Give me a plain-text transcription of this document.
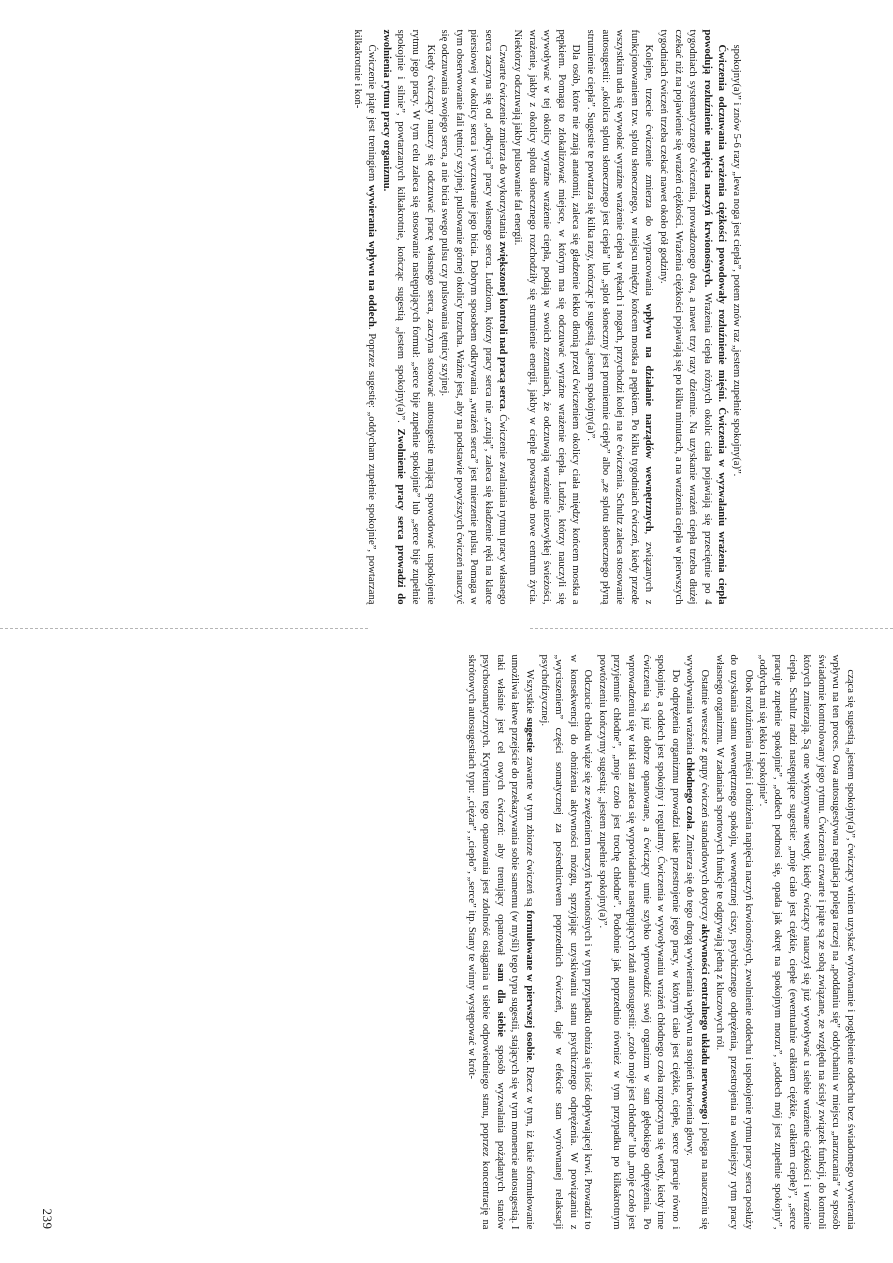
spokojny(a)” i znów 5-6 razy „lewa noga jest ciepła”, potem znów raz „jestem zupełnie spokojny(a)”.

Ćwiczenia odczuwania wrażenia ciężkości powodowały rozluźnienie mięśni. Ćwiczenia w wyzwalaniu wrażenia ciepła powodują rozluźnienie napięcia naczyń krwionośnych. Wrażenia ciepła różnych okolic ciała pojawiają się przeciętnie po 4 tygodniach systematycznego ćwiczenia, prowadzonego dwa, a nawet trzy razy dziennie. Na uzyskanie wrażeń ciepła trzeba dłużej czekać niż na pojawienie się wrażeń ciężkości. Wrażenia ciężkości pojawiają się po kilku minutach, a na wrażenia ciepła w pierwszych tygodniach ćwiczeń trzeba czekać nawet około pół godziny.

Kolejne, trzecie ćwiczenie zmierza do wypracowania wpływu na działanie narządów wewnętrznych, związanych z funkcjonowaniem tzw. splotu słonecznego, w miejscu między końcem mostka a pępkiem. Po kilku tygodniach ćwiczeń, kiedy przede wszystkim uda się wywołać wyraźne wrażenie ciepła w rękach i nogach, przychodzi kolej na te ćwiczenia. Schultz zaleca stosowanie autosugestii: „okolica splotu słonecznego jest ciepła” lub „splot słoneczny jest promiennie ciepły” albo „ze splotu słonecznego płyną strumienie ciepła”. Sugestie te powtarza się kilka razy, kończąc je sugestią „jestem spokojny(a)”.

Dla osób, które nie znają anatomii, zaleca się gładzenie lekko dłonią przed ćwiczeniem okolicy ciała między końcem mostka a pępkiem. Pomaga to zlokalizować miejsce, w którym ma się odczuwać wyraźne wrażenie ciepła. Ludzie, którzy nauczyli się wywoływać w tej okolicy wyraźne wrażenie ciepła, podają w swoich zeznaniach, że odczuwają wrażenie niezwykłej świeżości, wrażenie, jakby z okolicy splotu słonecznego rozchodziły się strumienie energii, jakby w cieple powstawało nowe centrum życia. Niektórzy odczuwają jakby pulsowanie fal energii.

Czwarte ćwiczenie zmierza do wykorzystania zwiększonej kontroli nad pracą serca. Ćwiczenie zwalniania rytmu pracy własnego serca zaczyna się od „odkrycia” pracy własnego serca. Ludziom, którzy pracy serca nie „czują”, zaleca się kładzenie ręki na klatce piersiowej w okolicy serca i wyczuwanie jego bicia. Dobrym sposobem odkrywania „wrażeń serca” jest mierzenie pulsu. Pomaga w tym obserwowanie fali tętnicy szyjnej, pulsowanie górnej okolicy brzucha. Ważne jest, aby na podstawie powyższych ćwiczeń nauczyć się odczuwania swojego serca, a nie bicia swego pulsu czy pulsowania tętnicy szyjnej.

Kiedy ćwiczący nauczy się odczuwać pracę własnego serca, zaczyna stosować autosugestie mającą spowodować uspokojenie rytmu jego pracy. W tym celu zaleca się stosowanie następujących formuł: „serce bije zupełnie spokojnie” lub „serce bije zupełnie spokojnie i silnie”, powtarzanych kilkakrotnie, kończąc sugestią „jestem spokojny(a)”. Zwolnienie pracy serca prowadzi do zwolnienia rytmu pracy organizmu.

Ćwiczenie piąte jest treningiem wywierania wpływu na oddech. Poprzez sugestię: „oddycham zupełnie spokojnie”, powtarzaną kilkakrotnie i koń-

cząca się sugestią „jestem spokojny(a)”, ćwiczący winien uzyskać wyrównanie i pogłębienie oddechu bez świadomego wywierania wpływu na ten proces. Owa autosugestywna regulacja polega raczej na „poddaniu się” oddychaniu w miejscu „narzucania” w sposób świadomie kontrolowany jego rytmu. Ćwiczenia czwarte i piąte są ze sobą związane, ze względu na ścisły związek funkcji, do kontroli których zmierzają. Są one wykonywane wtedy, kiedy ćwiczący nauczył się już wywoływać u siebie wrażenie ciężkości i wrażenie ciepła. Schultz radzi następujące sugestie: „moje ciało jest ciężkie, ciepłe (ewentualnie całkiem ciężkie, całkiem ciepłe)”, „serce pracuje zupełnie spokojnie”, „oddech podnosi się, opada jak okręt na spokojnym morzu”, „oddech mój jest zupełnie spokojny”, „oddycha mi się lekko i spokojnie”.

Obok rozluźnienia mięśni i obniżenia napięcia naczyń krwionośnych, zwolnienie oddechu i uspokojenie rytmu pracy serca posłuży do uzyskania stanu wewnętrznego spokoju, wewnętrznej ciszy, psychicznego odprężenia, przestrojenia na wolniejszy rytm pracy własnego organizmu. W zadaniach sportowych funkcje te odgrywają jedną z kluczowych ról.

Ostatnie wreszcie z grupy ćwiczeń standardowych dotyczy aktywności centralnego układu nerwowego i polega na nauczeniu się wywoływania wrażenia chłodnego czoła. Zmierza się do tego drogą wywierania wpływu na stopień ukrwienia głowy.

Do odprężenia organizmu prowadzi takie przestrojenie jego pracy, w którym ciało jest ciężkie, ciepłe, serce pracuje równo i spokojnie, a oddech jest spokojny i regularny. Ćwiczenia w wywoływaniu wrażeń chłodnego czoła rozpoczyna się wtedy, kiedy inne ćwiczenia są już dobrze opanowane, a ćwiczący umie szybko wprowadzić swój organizm w stan głębokiego odprężenia. Po wprowadzeniu się w taki stan zaleca się wypowiadanie następujących zdań autosugestii: „czoło moje jest chłodne” lub „moje czoło jest przyjemnie chłodne”, „moje czoło jest trochę chłodne”. Podobnie jak poprzednio również w tym przypadku po kilkakrotnym powtórzeniu kończymy sugestią: „jestem zupełnie spokojny(a)”.

Odczucie chłodu wiąże się ze zwężeniem naczyń krwionośnych i w tym przypadku obniża się ilość dopływającej krwi. Prowadzi to w konsekwencji do obniżenia aktywności mózgu, sprzyjając uzyskiwaniu stanu psychicznego odprężenia. W powiązaniu z „wyciszeniem” części somatycznej za pośrednictwem poprzednich ćwiczeń, daje w efekcie stan wyrównanej relaksacji psychofizycznej.

Wszystkie sugestie zawarte w tym zbiorze ćwiczeń są formułowane w pierwszej osobie. Rzecz w tym, iż takie sformułowanie umożliwia łatwe przejście do przekazywania sobie samemu (w myśli) tego typu sugestii, stających się w tym momencie autosugestią. I taki właśnie jest cel owych ćwiczeń: aby trenujący opanował sam dla siebie sposób wyzwalania pożądanych stanów psychosomatycznych. Kryterium tego opanowania jest zdolność osiągania u siebie odpowiedniego stanu, poprzez koncentrację na skrótowych autosugestiach typu: „ciężar”, „ciepło”, „serce” itp. Stany te winny występować w krót-

239
